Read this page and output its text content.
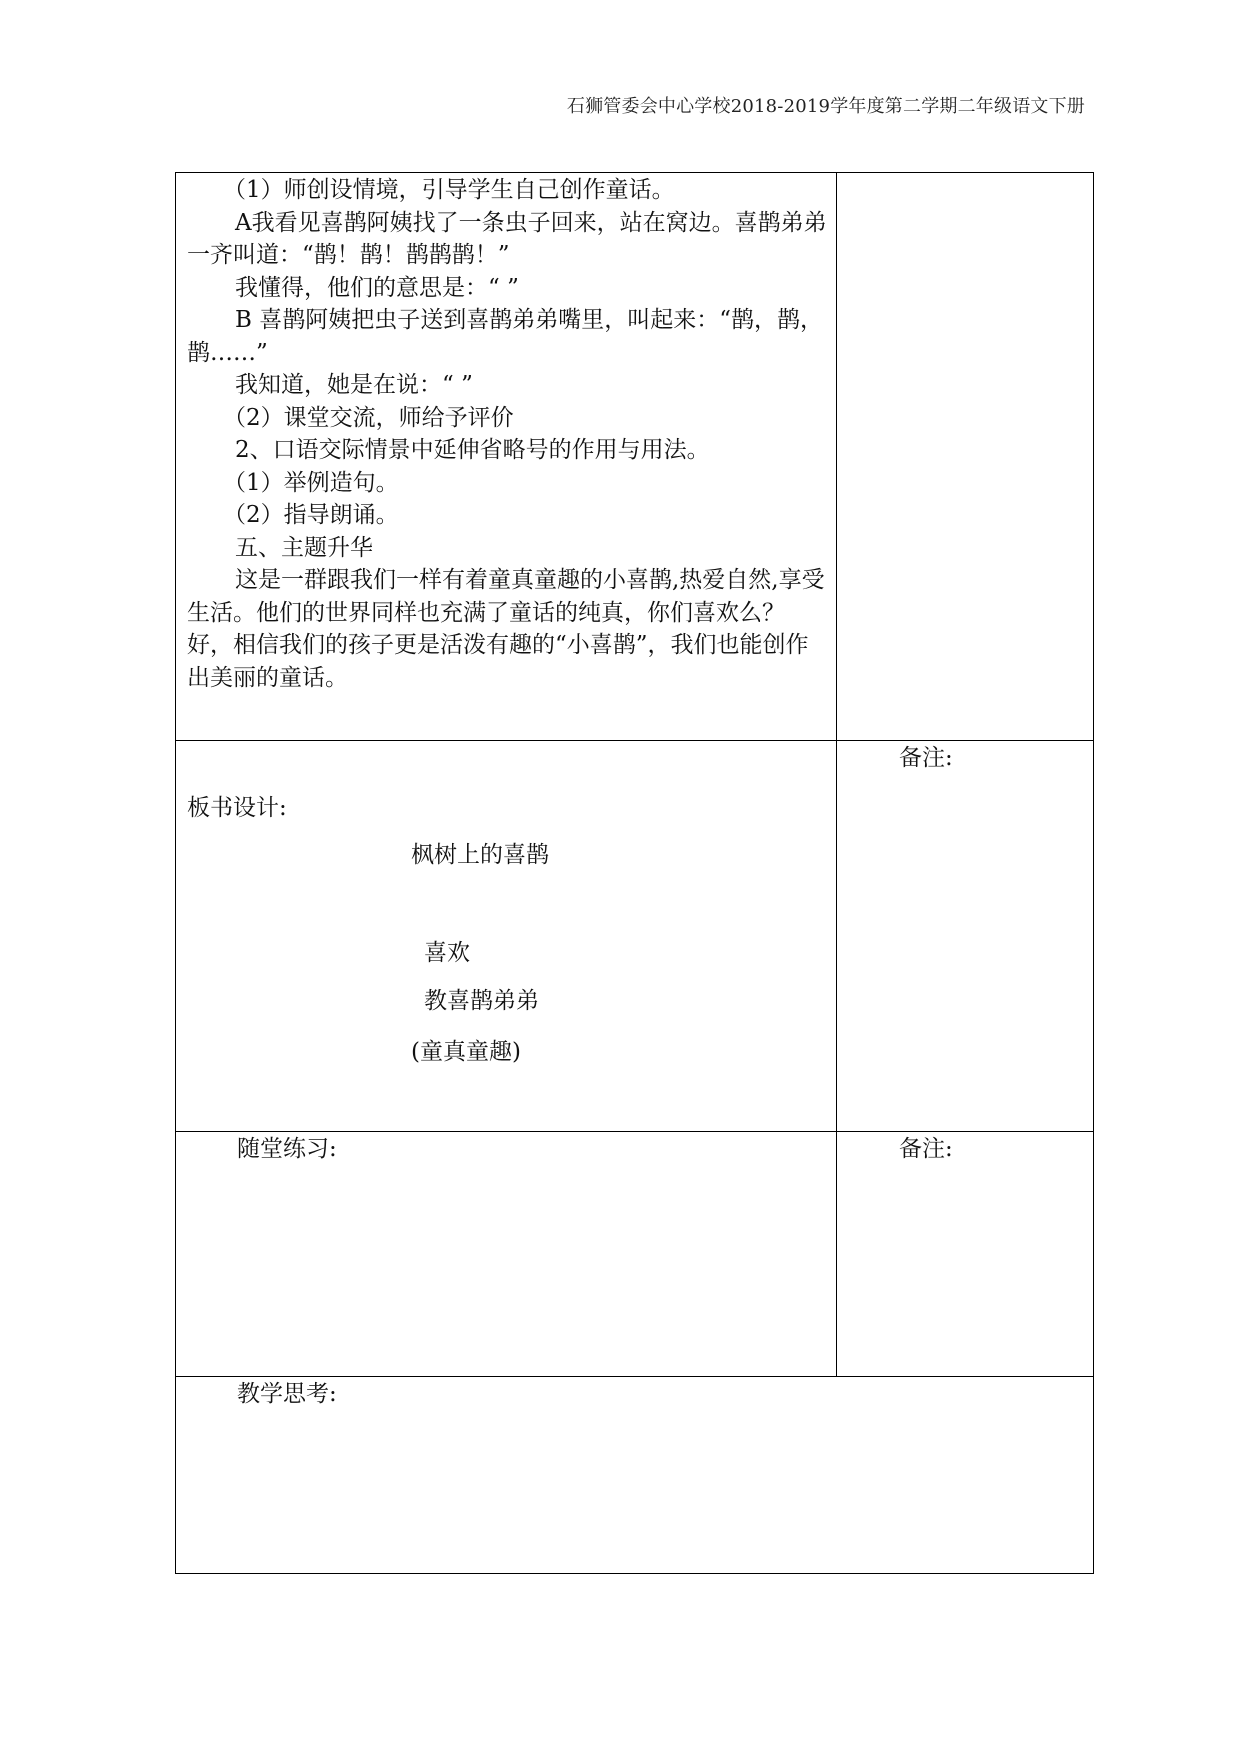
石狮管委会中心学校2018-2019学年度第二学期二年级语文下册

（1）师创设情境，引导学生自己创作童话。

A我看见喜鹊阿姨找了一条虫子回来，站在窝边。喜鹊弟弟一齐叫道：“鹊！鹊！鹊鹊鹊！”

我懂得，他们的意思是：“ ”

B 喜鹊阿姨把虫子送到喜鹊弟弟嘴里，叫起来：“鹊，鹊，鹊……”

我知道，她是在说：“ ”

（2）课堂交流，师给予评价

2、口语交际情景中延伸省略号的作用与用法。

（1）举例造句。

（2）指导朗诵。

五、主题升华

这是一群跟我们一样有着童真童趣的小喜鹊,热爱自然,享受生活。他们的世界同样也充满了童话的纯真，你们喜欢么？好，相信我们的孩子更是活泼有趣的“小喜鹊”，我们也能创作出美丽的童话。

板书设计:
枫树上的喜鹊
喜欢
教喜鹊弟弟
(童真童趣)
备注:
随堂练习:	备注:
教学思考:
